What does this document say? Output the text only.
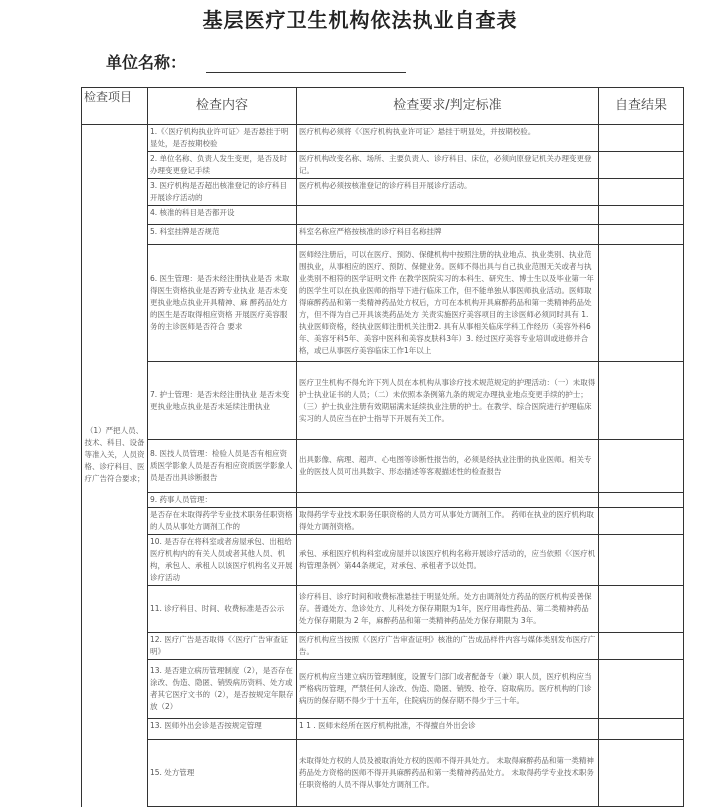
基层医疗卫生机构依法执业自查表
单位名称：
检查项目	检查内容	检查要求/判定标准	自查结果
（1）严把人员、技术、科目、设备等准入关，人员资格、诊疗科目、医疗广告符合要求；	1.《〈医疗机构执业许可证〉是否悬挂于明显处，是否按期校验	医疗机构必须将《〈医疗机构执业许可证〉悬挂于明显处，并按期校验。	
	2. 单位名称、负责人发生变更，是否及时办理变更登记手续	医疗机构改变名称、场所、主要负责人、诊疗科目、床位，必须向原登记机关办理变更登记。	
	3. 医疗机构是否超出核准登记的诊疗科目开展诊疗活动的	医疗机构必须按核准登记的诊疗科目开展诊疗活动。	
	4. 核准的科目是否都开设		
	5. 科室挂牌是否规范	科室名称应严格按核准的诊疗科目名称挂牌	
	6. 医生管理：是否未经注册执业是否 未取得医生资格执业是否跨专业执业 是否未变更执业地点执业开具精神、麻 醉药品处方的医生是否取得相应资格 开展医疗美容服务的主诊医师是否符合 要求	医师经注册后，可以在医疗、预防、保健机构中按照注册的执业地点、执业类别、执业范围执业，从事相应的医疗、预防、保健业务。医师不得出具与自己执业范围无关或者与执业类别不相符的医学证明文件 在教学医院实习的本科生、研究生、博士生以及毕业第一年的医学生可以在执业医师的指导下进行临床工作，但不能单独从事医师执业活动。医师取得麻醉药品和第一类精神药品处方权后，方可在本机构开具麻醉药品和第一类精神药品处方，但不得为自己开具该类药品处方 关责实施医疗美容项目的主诊医师必须同时具有 1. 执业医师资格，经执业医师注册机关注册2. 具有从事相关临床学科工作经历（美容外科6年、美容牙科5年、美容中医科和美容皮肤科3年）3. 经过医疗美容专业培训或进修并合格，或已从事医疗美容临床工作1年以上	
	7. 护士管理：是否未经注册执业 是否未变更执业地点执业是否未延续注册执业	医疗卫生机构不得允许下列人员在本机构从事诊疗技术规范规定的护理活动：（一）未取得护士执业证书的人员；（二）未依照本条例第九条的规定办理执业地点变更手续的护士；（三）护士执业注册有效期届满未延续执业注册的护士。在教学、综合医院进行护理临床实习的人员应当在护士指导下开展有关工作。	
	8. 医技人员管理：检验人员是否有相应资质医学影象人员是否有相应资质医学影象人员是否出具诊断报告	出具影像、病理、超声、心电图等诊断性报告的，必须是经执业注册的执业医师。相关专业的医技人员可出具数字、形态描述等客观描述性的检查报告	
	9. 药事人员管理：		
	是否存在未取得药学专业技术职务任职资格的人员从事处方调剂工作的	取得药学专业技术职务任职资格的人员方可从事处方调剂工作。 药师在执业的医疗机构取得处方调剂资格。	
	10. 是否存在将科室或者房屋承包、出租给医疗机构内的有关人员或者其他人员、机构，承包人、承租人以该医疗机构名义开展诊疗活动	承包、承租医疗机构科室或房屋并以该医疗机构名称开展诊疗活动的，应当依照《〈医疗机构管理条例〉第44条规定，对承包、承租者予以处罚。	
	11. 诊疗科目、时间、收费标准是否公示	诊疗科目、诊疗时间和收费标准悬挂于明显处所。处方由调剂处方药品的医疗机构妥善保存。普通处方、急诊处方、儿科处方保存期限为1年，医疗用毒性药品、第二类精神药品处方保存期限为 2 年，麻醉药品和第一类精神药品处方保存期限为 3年。	
	12. 医疗广告是否取得《〈医疗广告审查证明》	医疗机构应当按照《〈医疗广告审查证明》核准的广告成品样件内容与媒体类别发布医疗广告。	
	13. 是否建立病历管理制度（2），是否存在涂改、伪造、隐匿、销毁病历资料、处方或者其它医疗文书的（2），是否按规定年限存放（2）	医疗机构应当建立病历管理制度，设置专门部门或者配备专（兼）职人员，医疗机构应当严格病历管理，严禁任何人涂改、伪造、隐匿、销毁、抢夺、窃取病历。医疗机构的门诊病历的保存期不得少于十五年，住院病历的保存期不得少于三十年。	
	13. 医师外出会诊是否按规定管理	1 1 . 医师未经所在医疗机构批准，不得擅自外出会诊	
	15. 处方管理	未取得处方权的人员及被取消处方权的医师不得开具处方。 未取得麻醉药品和第一类精神药品处方资格的医师不得开具麻醉药品和第一类精神药品处方。 未取得药学专业技术职务任职资格的人员不得从事处方调剂工作。	
